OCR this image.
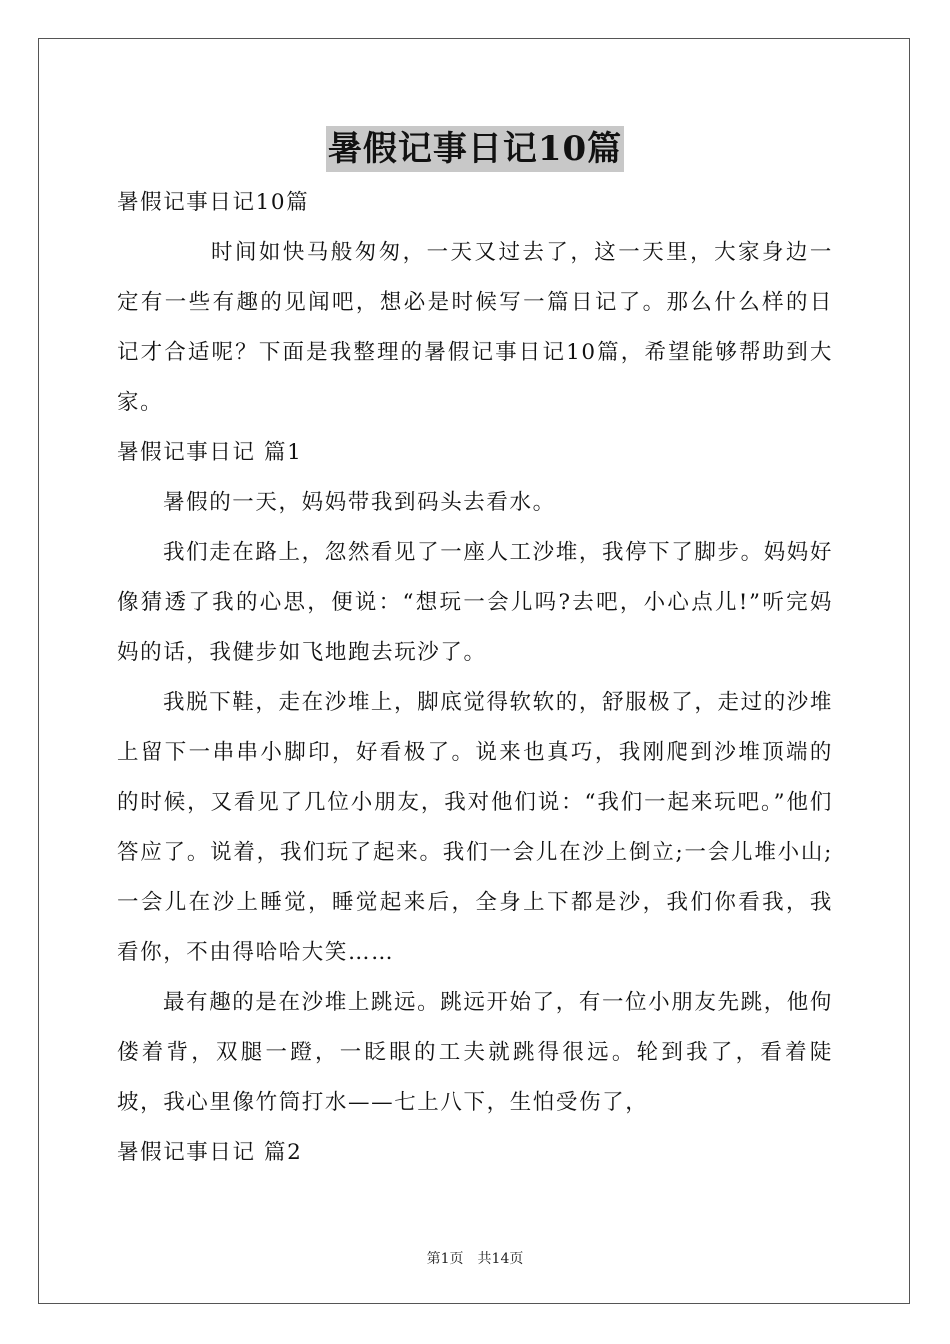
暑假记事日记10篇

暑假记事日记10篇

时间如快马般匆匆，一天又过去了，这一天里，大家身边一定有一些有趣的见闻吧，想必是时候写一篇日记了。那么什么样的日记才合适呢？下面是我整理的暑假记事日记10篇，希望能够帮助到大家。

暑假记事日记 篇1

暑假的一天，妈妈带我到码头去看水。

我们走在路上，忽然看见了一座人工沙堆，我停下了脚步。妈妈好像猜透了我的心思，便说：“想玩一会儿吗?去吧，小心点儿!”听完妈妈的话，我健步如飞地跑去玩沙了。

我脱下鞋，走在沙堆上，脚底觉得软软的，舒服极了，走过的沙堆上留下一串串小脚印，好看极了。说来也真巧，我刚爬到沙堆顶端的的时候，又看见了几位小朋友，我对他们说：“我们一起来玩吧。”他们答应了。说着，我们玩了起来。我们一会儿在沙上倒立;一会儿堆小山;一会儿在沙上睡觉，睡觉起来后，全身上下都是沙，我们你看我，我看你，不由得哈哈大笑……

最有趣的是在沙堆上跳远。跳远开始了，有一位小朋友先跳，他佝偻着背，双腿一蹬，一眨眼的工夫就跳得很远。轮到我了，看着陡坡，我心里像竹筒打水——七上八下，生怕受伤了，

暑假记事日记 篇2

第1页　共14页
